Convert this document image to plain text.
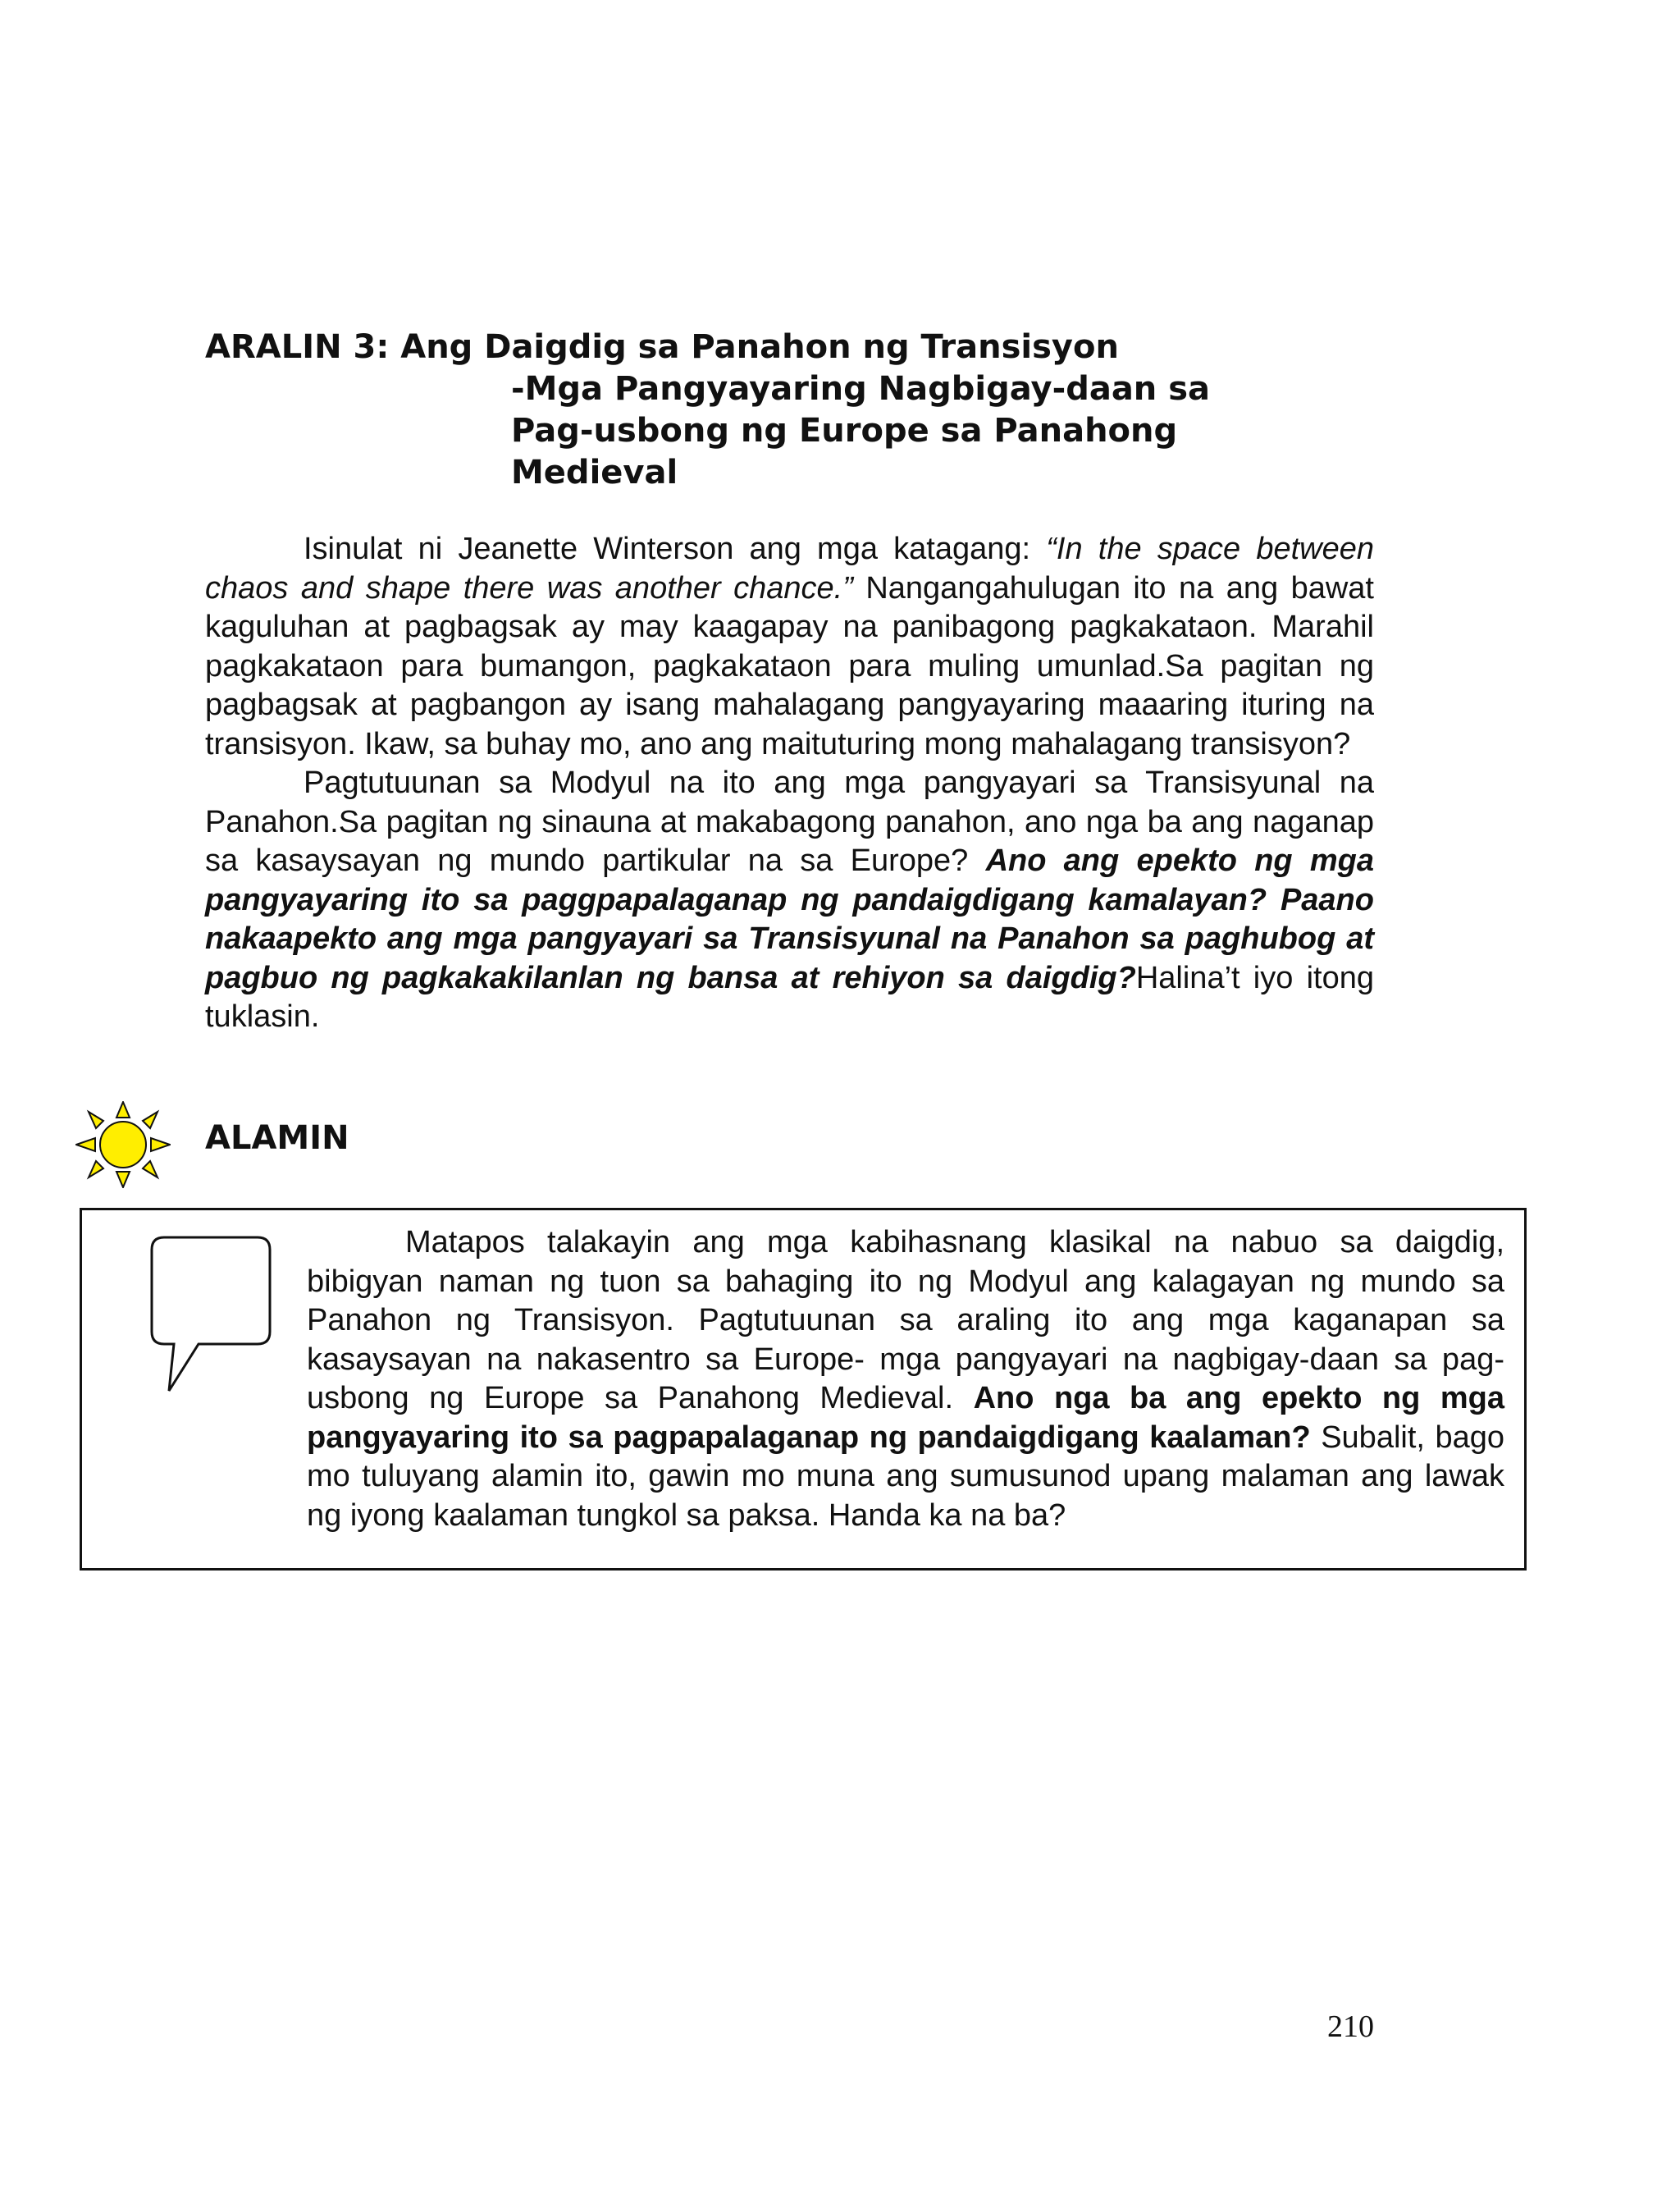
ARALIN 3: Ang Daigdig sa Panahon ng Transisyon
-Mga Pangyayaring Nagbigay-daan sa
Pag-usbong ng Europe sa Panahong
Medieval

Isinulat ni Jeanette Winterson ang mga katagang: “In the space between chaos and shape there was another chance.” Nangangahulugan ito na ang bawat kaguluhan at pagbagsak ay may kaagapay na panibagong pagkakataon. Marahil pagkakataon para bumangon, pagkakataon para muling umunlad.Sa pagitan ng pagbagsak at pagbangon ay isang mahalagang pangyayaring maaaring ituring na transisyon. Ikaw, sa buhay mo, ano ang maituturing mong mahalagang transisyon?

Pagtutuunan sa Modyul na ito ang mga pangyayari sa Transisyunal na Panahon.Sa pagitan ng sinauna at makabagong panahon, ano nga ba ang naganap sa kasaysayan ng mundo partikular na sa Europe? Ano ang epekto ng mga pangyayaring ito sa paggpapalaganap ng pandaigdigang kamalayan? Paano nakaapekto ang mga pangyayari sa Transisyunal na Panahon sa paghubog at pagbuo ng pagkakakilanlan ng bansa at rehiyon sa daigdig?Halina’t iyo itong tuklasin.

ALAMIN

Matapos talakayin ang mga kabihasnang klasikal na nabuo sa daigdig, bibigyan naman ng tuon sa bahaging ito ng Modyul ang kalagayan ng mundo sa Panahon ng Transisyon. Pagtutuunan sa araling ito ang mga kaganapan sa kasaysayan na nakasentro sa Europe- mga pangyayari na nagbigay-daan sa pag-usbong ng Europe sa Panahong Medieval. Ano nga ba ang epekto ng mga pangyayaring ito sa pagpapalaganap ng pandaigdigang kaalaman? Subalit, bago mo tuluyang alamin ito, gawin mo muna ang sumusunod upang malaman ang lawak ng iyong kaalaman tungkol sa paksa. Handa ka na ba?

210
